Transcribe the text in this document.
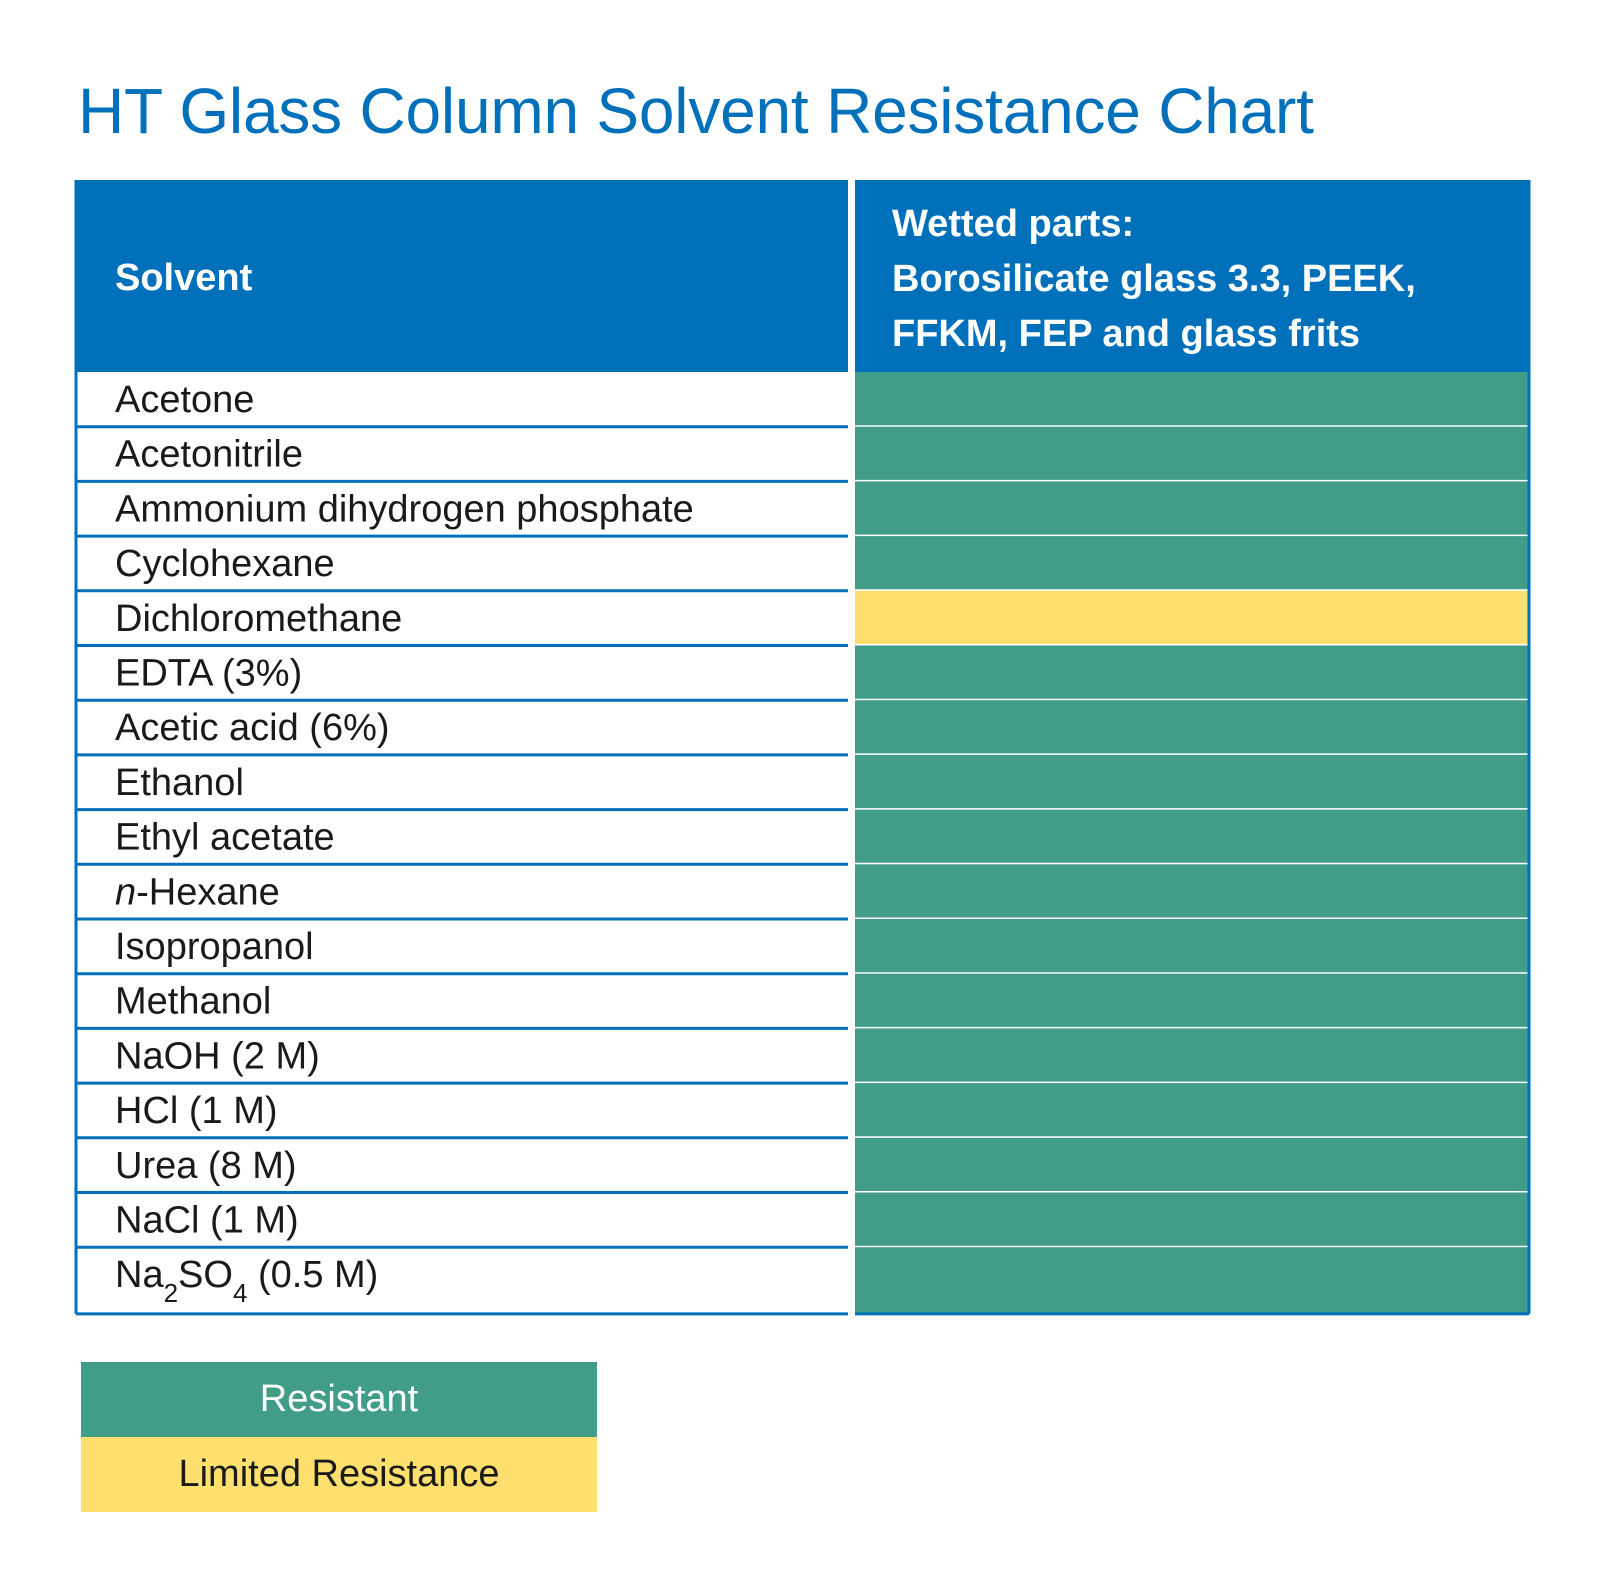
HT Glass Column Solvent Resistance Chart
Solvent
Wetted parts:
Borosilicate glass 3.3, PEEK,
FFKM, FEP and glass frits
Acetone
Acetonitrile
Ammonium dihydrogen phosphate
Cyclohexane
Dichloromethane
EDTA (3%)
Acetic acid (6%)
Ethanol
Ethyl acetate
n-Hexane
Isopropanol
Methanol
NaOH (2 M)
HCl (1 M)
Urea (8 M)
NaCl (1 M)
$Na_2SO_4$ (0.5 M)
Resistant
Limited Resistance
